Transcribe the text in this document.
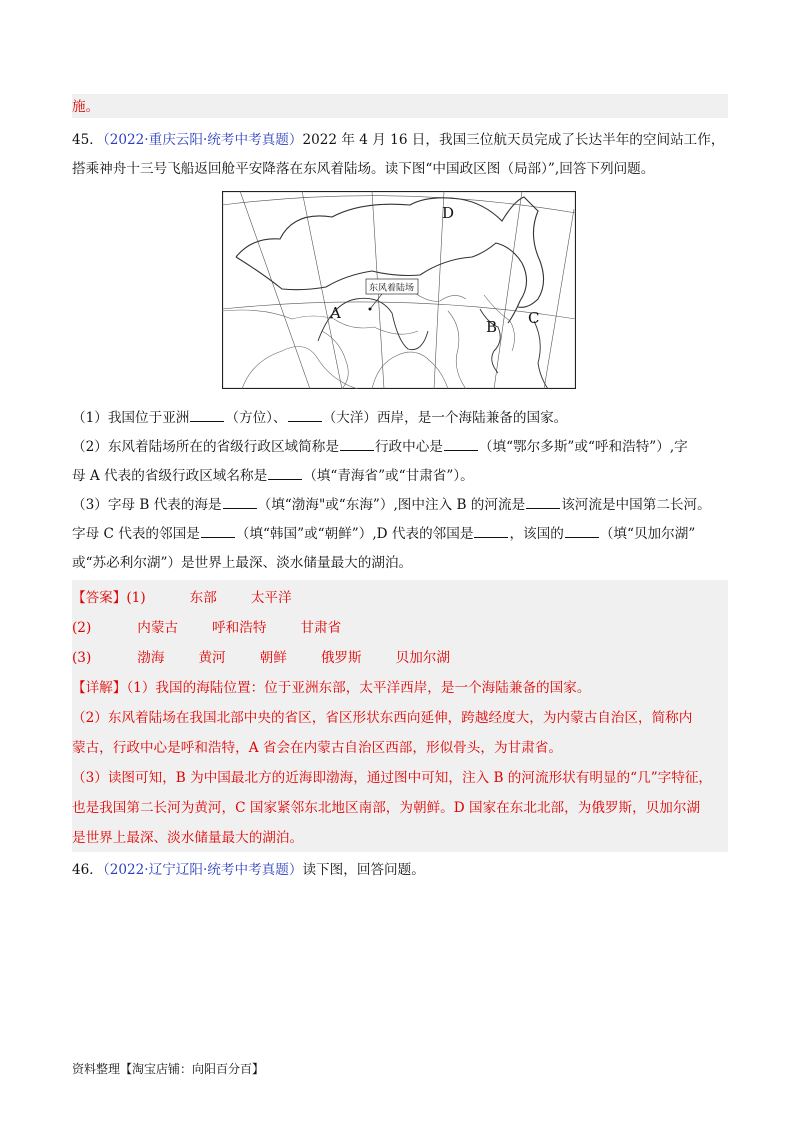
施。
45．（2022·重庆云阳·统考中考真题）2022 年 4 月 16 日，我国三位航天员完成了长达半年的空间站工作，
搭乘神舟十三号飞船返回舱平安降落在东风着陆场。读下图“中国政区图（局部）”,回答下列问题。
东风着陆场
D
A
B C
（1）我国位于亚洲	（方位）、	（大洋）西岸，是一个海陆兼备的国家。
（2）东风着陆场所在的省级行政区域简称是	行政中心是	（填“鄂尔多斯”或“呼和浩特”）,字
母 A 代表的省级行政区域名称是	（填“青海省”或“甘肃省”）。
（3）字母 B 代表的海是	（填“渤海"或“东海”）,图中注入 B 的河流是	该河流是中国第二长河。
字母 C 代表的邻国是	（填“韩国”或“朝鲜”）,D 代表的邻国是	，该国的	（填“贝加尔湖”
或“苏必利尔湖”）是世界上最深、淡水储量最大的湖泊。
【答案】(1)	东部	太平洋
(2)	内蒙古	呼和浩特	甘肃省
(3)	渤海	黄河	朝鲜	俄罗斯	贝加尔湖
【详解】（1）我国的海陆位置：位于亚洲东部，太平洋西岸，是一个海陆兼备的国家。
（2）东风着陆场在我国北部中央的省区，省区形状东西向延伸，跨越经度大，为内蒙古自治区，简称内
蒙古，行政中心是呼和浩特，A 省会在内蒙古自治区西部，形似骨头，为甘肃省。
（3）读图可知，B 为中国最北方的近海即渤海，通过图中可知，注入 B 的河流形状有明显的“几”字特征，
也是我国第二长河为黄河，C 国家紧邻东北地区南部，为朝鲜。D 国家在东北北部，为俄罗斯，贝加尔湖
是世界上最深、淡水储量最大的湖泊。
46．（2022·辽宁辽阳·统考中考真题）读下图，回答问题。
资料整理【淘宝店铺：向阳百分百】
